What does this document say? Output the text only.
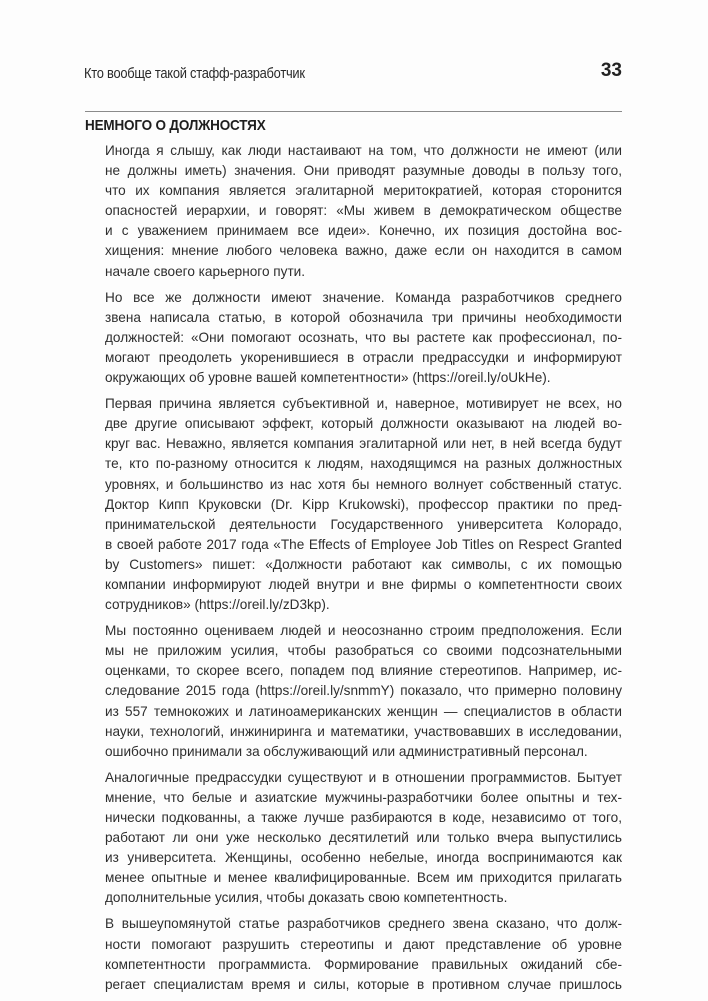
Кто вообще такой стафф-разработчик	33
НЕМНОГО О ДОЛЖНОСТЯХ

Иногда я слышу, как люди настаивают на том, что должности не имеют (или
не должны иметь) значения. Они приводят разумные доводы в пользу того,
что их компания является эгалитарной меритократией, которая сторонится
опасностей иерархии, и говорят: «Мы живем в демократическом обществе
и с уважением принимаем все идеи». Конечно, их позиция достойна вос-
хищения: мнение любого человека важно, даже если он находится в самом
начале своего карьерного пути.

Но все же должности имеют значение. Команда разработчиков среднего
звена написала статью, в которой обозначила три причины необходимости
должностей: «Они помогают осознать, что вы растете как профессионал, по-
могают преодолеть укоренившиеся в отрасли предрассудки и информируют
окружающих об уровне вашей компетентности» (https://oreil.ly/oUkHe).

Первая причина является субъективной и, наверное, мотивирует не всех, но
две другие описывают эффект, который должности оказывают на людей во-
круг вас. Неважно, является компания эгалитарной или нет, в ней всегда будут
те, кто по-разному относится к людям, находящимся на разных должностных
уровнях, и большинство из нас хотя бы немного волнует собственный статус.
Доктор Кипп Круковски (Dr. Kipp Krukowski), профессор практики по пред-
принимательской деятельности Государственного университета Колорадо,
в своей работе 2017 года «The Effects of Employee Job Titles on Respect Granted
by Customers» пишет: «Должности работают как символы, с их помощью
компании информируют людей внутри и вне фирмы о компетентности своих
сотрудников» (https://oreil.ly/zD3kp).

Мы постоянно оцениваем людей и неосознанно строим предположения. Если
мы не приложим усилия, чтобы разобраться со своими подсознательными
оценками, то скорее всего, попадем под влияние стереотипов. Например, ис-
следование 2015 года (https://oreil.ly/snmmY) показало, что примерно половину
из 557 темнокожих и латиноамериканских женщин — специалистов в области
науки, технологий, инжиниринга и математики, участвовавших в исследовании,
ошибочно принимали за обслуживающий или административный персонал.

Аналогичные предрассудки существуют и в отношении программистов. Бытует
мнение, что белые и азиатские мужчины-разработчики более опытны и тех-
нически подкованны, а также лучше разбираются в коде, независимо от того,
работают ли они уже несколько десятилетий или только вчера выпустились
из университета. Женщины, особенно небелые, иногда воспринимаются как
менее опытные и менее квалифицированные. Всем им приходится прилагать
дополнительные усилия, чтобы доказать свою компетентность.

В вышеупомянутой статье разработчиков среднего звена сказано, что долж-
ности помогают разрушить стереотипы и дают представление об уровне
компетентности программиста. Формирование правильных ожиданий сбе-
регает специалистам время и силы, которые в противном случае пришлось
